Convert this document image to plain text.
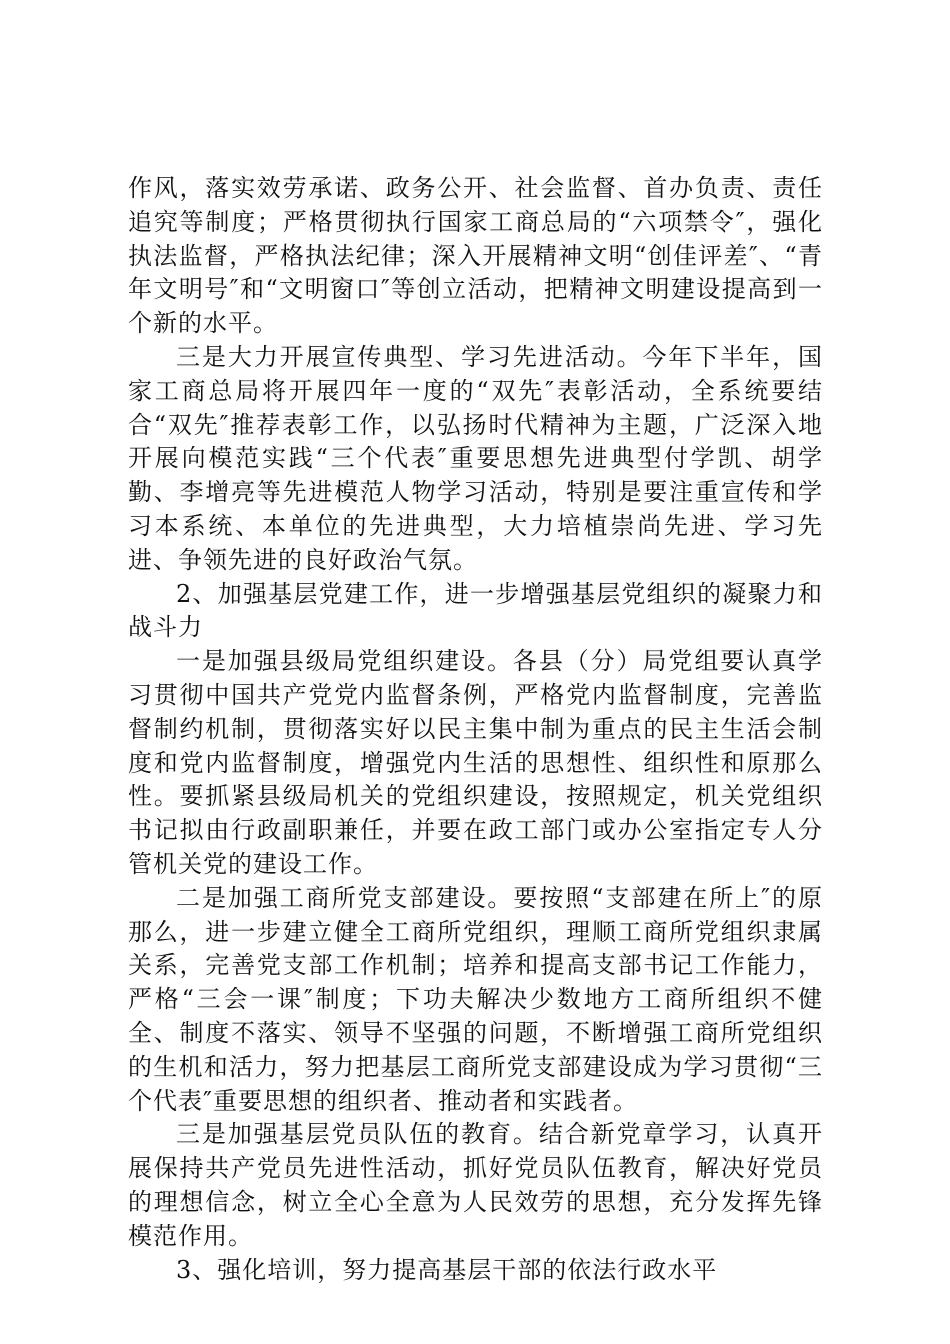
作风，落实效劳承诺、政务公开、社会监督、首办负责、责任追究等制度；严格贯彻执行国家工商总局的“六项禁令″，强化执法监督，严格执法纪律；深入开展精神文明“创佳评差″、“青年文明号″和“文明窗口″等创立活动，把精神文明建设提高到一个新的水平。

三是大力开展宣传典型、学习先进活动。今年下半年，国家工商总局将开展四年一度的“双先″表彰活动，全系统要结合“双先″推荐表彰工作，以弘扬时代精神为主题，广泛深入地开展向模范实践“三个代表″重要思想先进典型付学凯、胡学勤、李增亮等先进模范人物学习活动，特别是要注重宣传和学习本系统、本单位的先进典型，大力培植崇尚先进、学习先进、争领先进的良好政治气氛。

2、加强基层党建工作，进一步增强基层党组织的凝聚力和战斗力

一是加强县级局党组织建设。各县（分）局党组要认真学习贯彻中国共产党党内监督条例，严格党内监督制度，完善监督制约机制，贯彻落实好以民主集中制为重点的民主生活会制度和党内监督制度，增强党内生活的思想性、组织性和原那么性。要抓紧县级局机关的党组织建设，按照规定，机关党组织书记拟由行政副职兼任，并要在政工部门或办公室指定专人分管机关党的建设工作。

二是加强工商所党支部建设。要按照“支部建在所上″的原那么，进一步建立健全工商所党组织，理顺工商所党组织隶属关系，完善党支部工作机制；培养和提高支部书记工作能力，严格“三会一课″制度；下功夫解决少数地方工商所组织不健全、制度不落实、领导不坚强的问题，不断增强工商所党组织的生机和活力，努力把基层工商所党支部建设成为学习贯彻“三个代表″重要思想的组织者、推动者和实践者。

三是加强基层党员队伍的教育。结合新党章学习，认真开展保持共产党员先进性活动，抓好党员队伍教育，解决好党员的理想信念，树立全心全意为人民效劳的思想，充分发挥先锋模范作用。

3、强化培训，努力提高基层干部的依法行政水平
